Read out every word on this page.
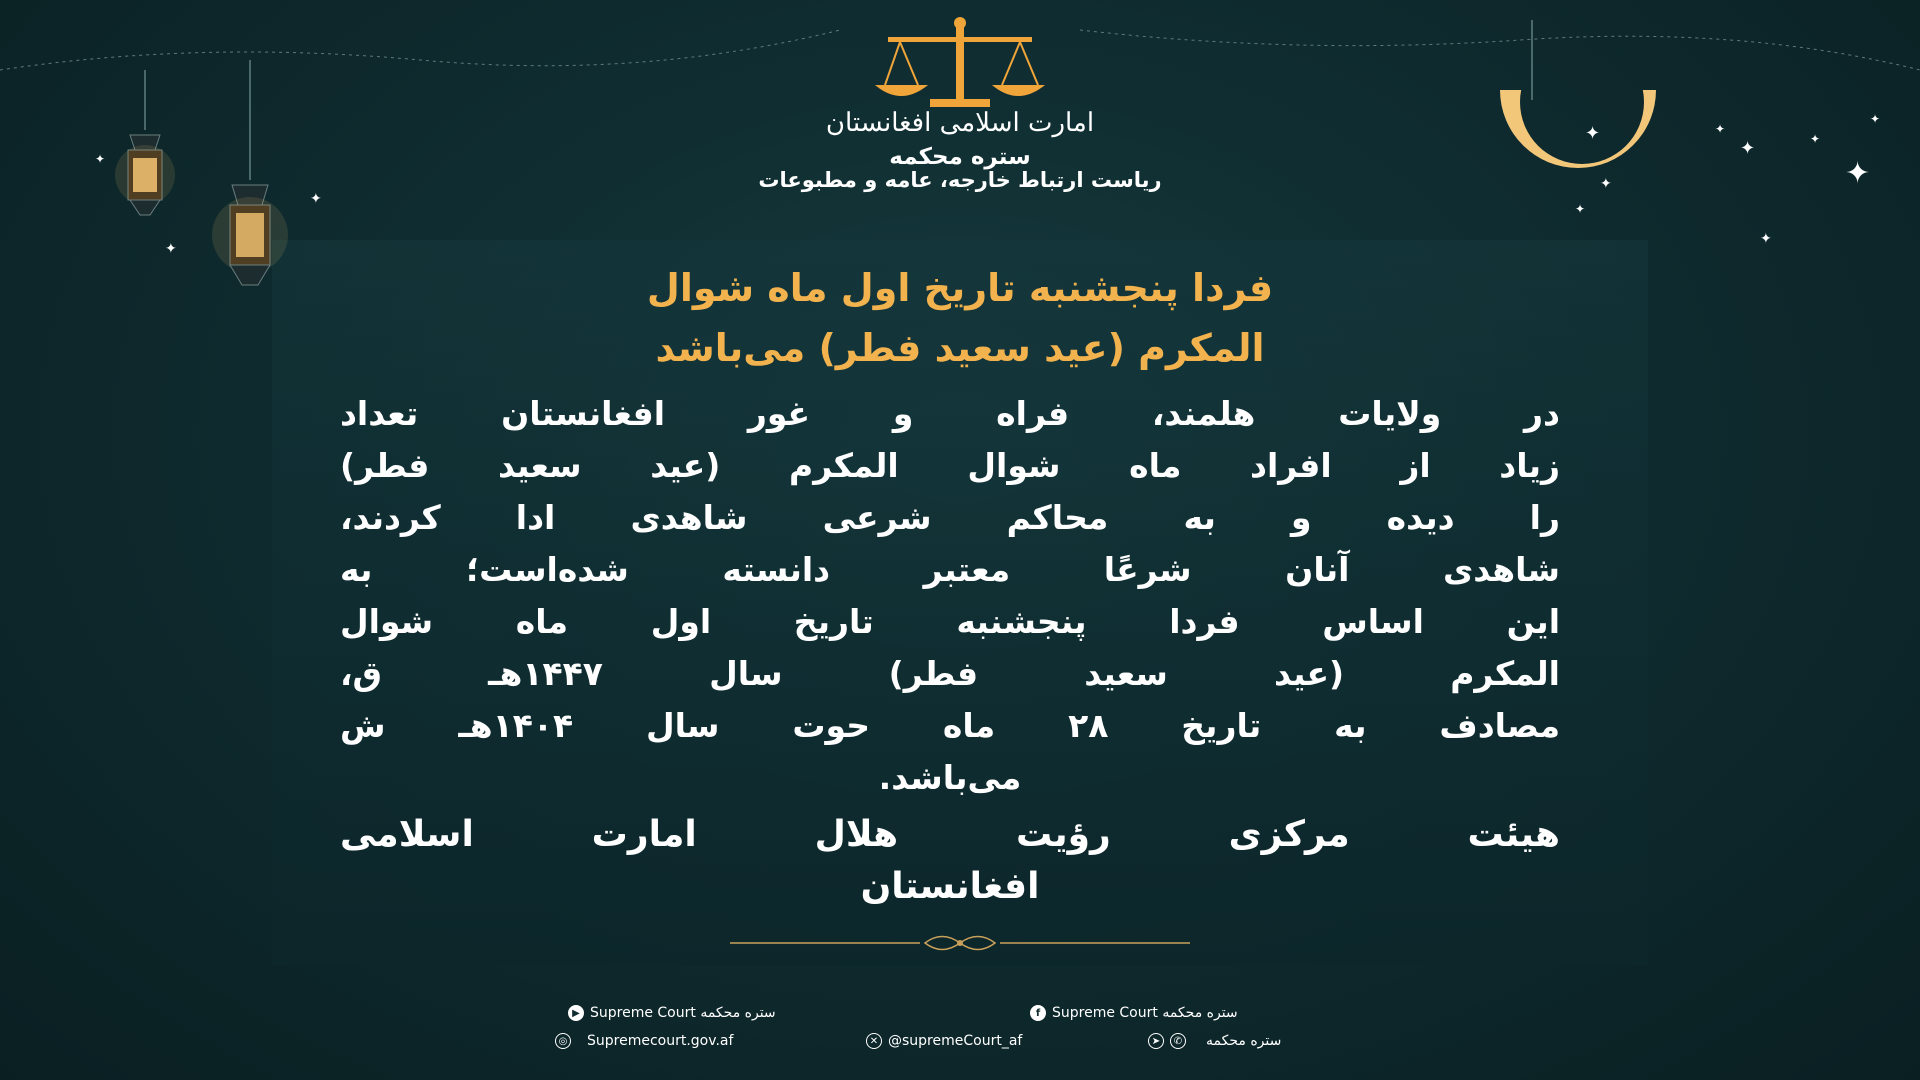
✦
✦
✦
✦
✦
✦
✦
✦
✦
✦
✦
✦
امارت اسلامی افغانستان
ستره محکمه
ریاست ارتباط خارجه، عامه و مطبوعات
فردا پنجشنبه تاریخ اول ماه شوال
المکرم (عید سعید فطر) می‌باشد
در ولایات هلمند، فراه و غور افغانستان تعداد
زیاد از افراد ماه شوال المکرم (عید سعید فطر)
را دیده و به محاکم شرعی شاهدی ادا کردند،
شاهدی آنان شرعًا معتبر دانسته شده‌است؛ به
این اساس فردا پنجشنبه تاریخ اول ماه شوال
المکرم (عید سعید فطر) سال ۱۴۴۷هـ ق،
مصادف به تاریخ ۲۸ ماه حوت سال ۱۴۰۴هـ ش
می‌باشد.
هیئت مرکزی رؤیت هلال امارت اسلامی
افغانستان
▶ ستره محکمه Supreme Court	f ستره محکمه Supreme Court
◎ Supremecourt.gov.af	✕ @supremeCourt_af	➤	✆ ستره محکمه
